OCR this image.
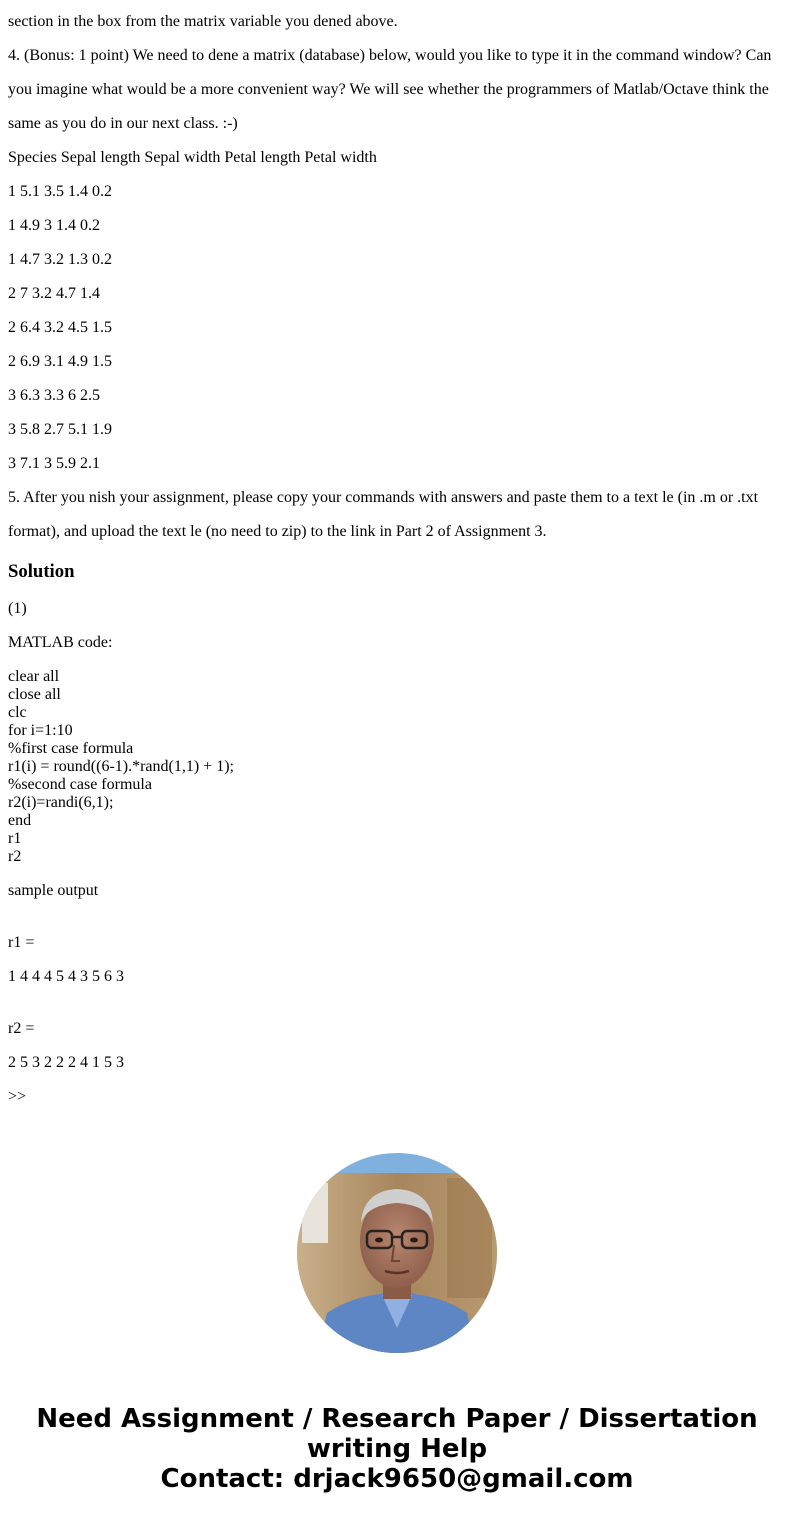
section in the box from the matrix variable you dened above.
4. (Bonus: 1 point) We need to dene a matrix (database) below, would you like to type it in the command window? Can
you imagine what would be a more convenient way? We will see whether the programmers of Matlab/Octave think the
same as you do in our next class. :-)
Species Sepal length Sepal width Petal length Petal width
1 5.1 3.5 1.4 0.2
1 4.9 3 1.4 0.2
1 4.7 3.2 1.3 0.2
2 7 3.2 4.7 1.4
2 6.4 3.2 4.5 1.5
2 6.9 3.1 4.9 1.5
3 6.3 3.3 6 2.5
3 5.8 2.7 5.1 1.9
3 7.1 3 5.9 2.1
5. After you nish your assignment, please copy your commands with answers and paste them to a text le (in .m or .txt
format), and upload the text le (no need to zip) to the link in Part 2 of Assignment 3.
Solution
(1)
MATLAB code:
clear all
close all
clc
for i=1:10
%first case formula
r1(i) = round((6-1).*rand(1,1) + 1);
%second case formula
r2(i)=randi(6,1);
end
r1
r2
sample output
r1 =
1 4 4 4 5 4 3 5 6 3
r2 =
2 5 3 2 2 2 4 1 5 3
>>
Need Assignment / Research Paper / Dissertation
writing Help
Contact: drjack9650@gmail.com
